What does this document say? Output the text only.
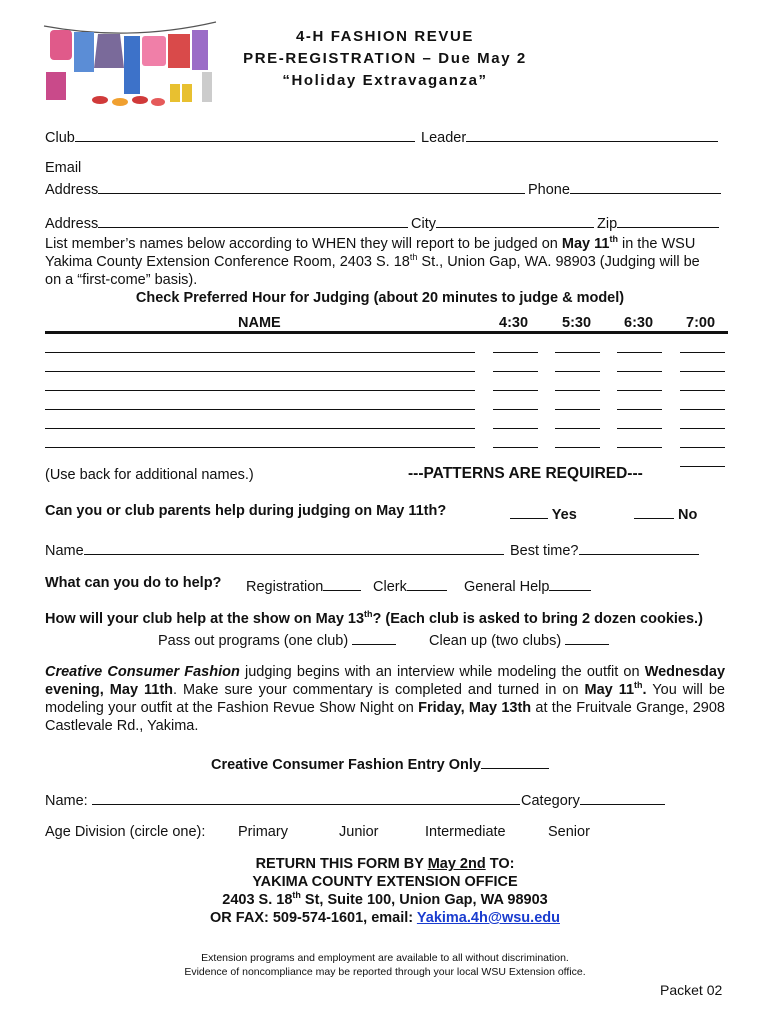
4-H FASHION REVUE
PRE-REGISTRATION – Due May 2
“Holiday Extravaganza”
Club	Leader
Email
Address	Phone
Address	City	Zip
List member’s names below according to WHEN they will report to be judged on May 11th in the WSU
Yakima County Extension Conference Room, 2403 S. 18th St., Union Gap, WA. 98903 (Judging will be
on a “first-come” basis).
Check Preferred Hour for Judging (about 20 minutes to judge & model)
NAME	4:30 5:30 6:30 7:00
(Use back for additional names.)	---PATTERNS ARE REQUIRED---
Can you or club parents help during judging on May 11th?	Yes	No
Name	Best time?
What can you do to help? Registration	Clerk	General Help
How will your club help at the show on May 13th? (Each club is asked to bring 2 dozen cookies.)
Pass out programs (one club)	Clean up (two clubs)
Creative Consumer Fashion judging begins with an interview while modeling the outfit on Wednesday evening, May 11th. Make sure your commentary is completed and turned in on May 11th. You will be modeling your outfit at the Fashion Revue Show Night on Friday, May 13th at the Fruitvale Grange, 2908 Castlevale Rd., Yakima.
Creative Consumer Fashion Entry Only
Name:	Category
Age Division (circle one): Primary	Junior	Intermediate	Senior
RETURN THIS FORM BY May 2nd TO:
YAKIMA COUNTY EXTENSION OFFICE
2403 S. 18th St, Suite 100, Union Gap, WA 98903
OR FAX: 509-574-1601, email: Yakima.4h@wsu.edu
Extension programs and employment are available to all without discrimination.
Evidence of noncompliance may be reported through your local WSU Extension office.
Packet 02
